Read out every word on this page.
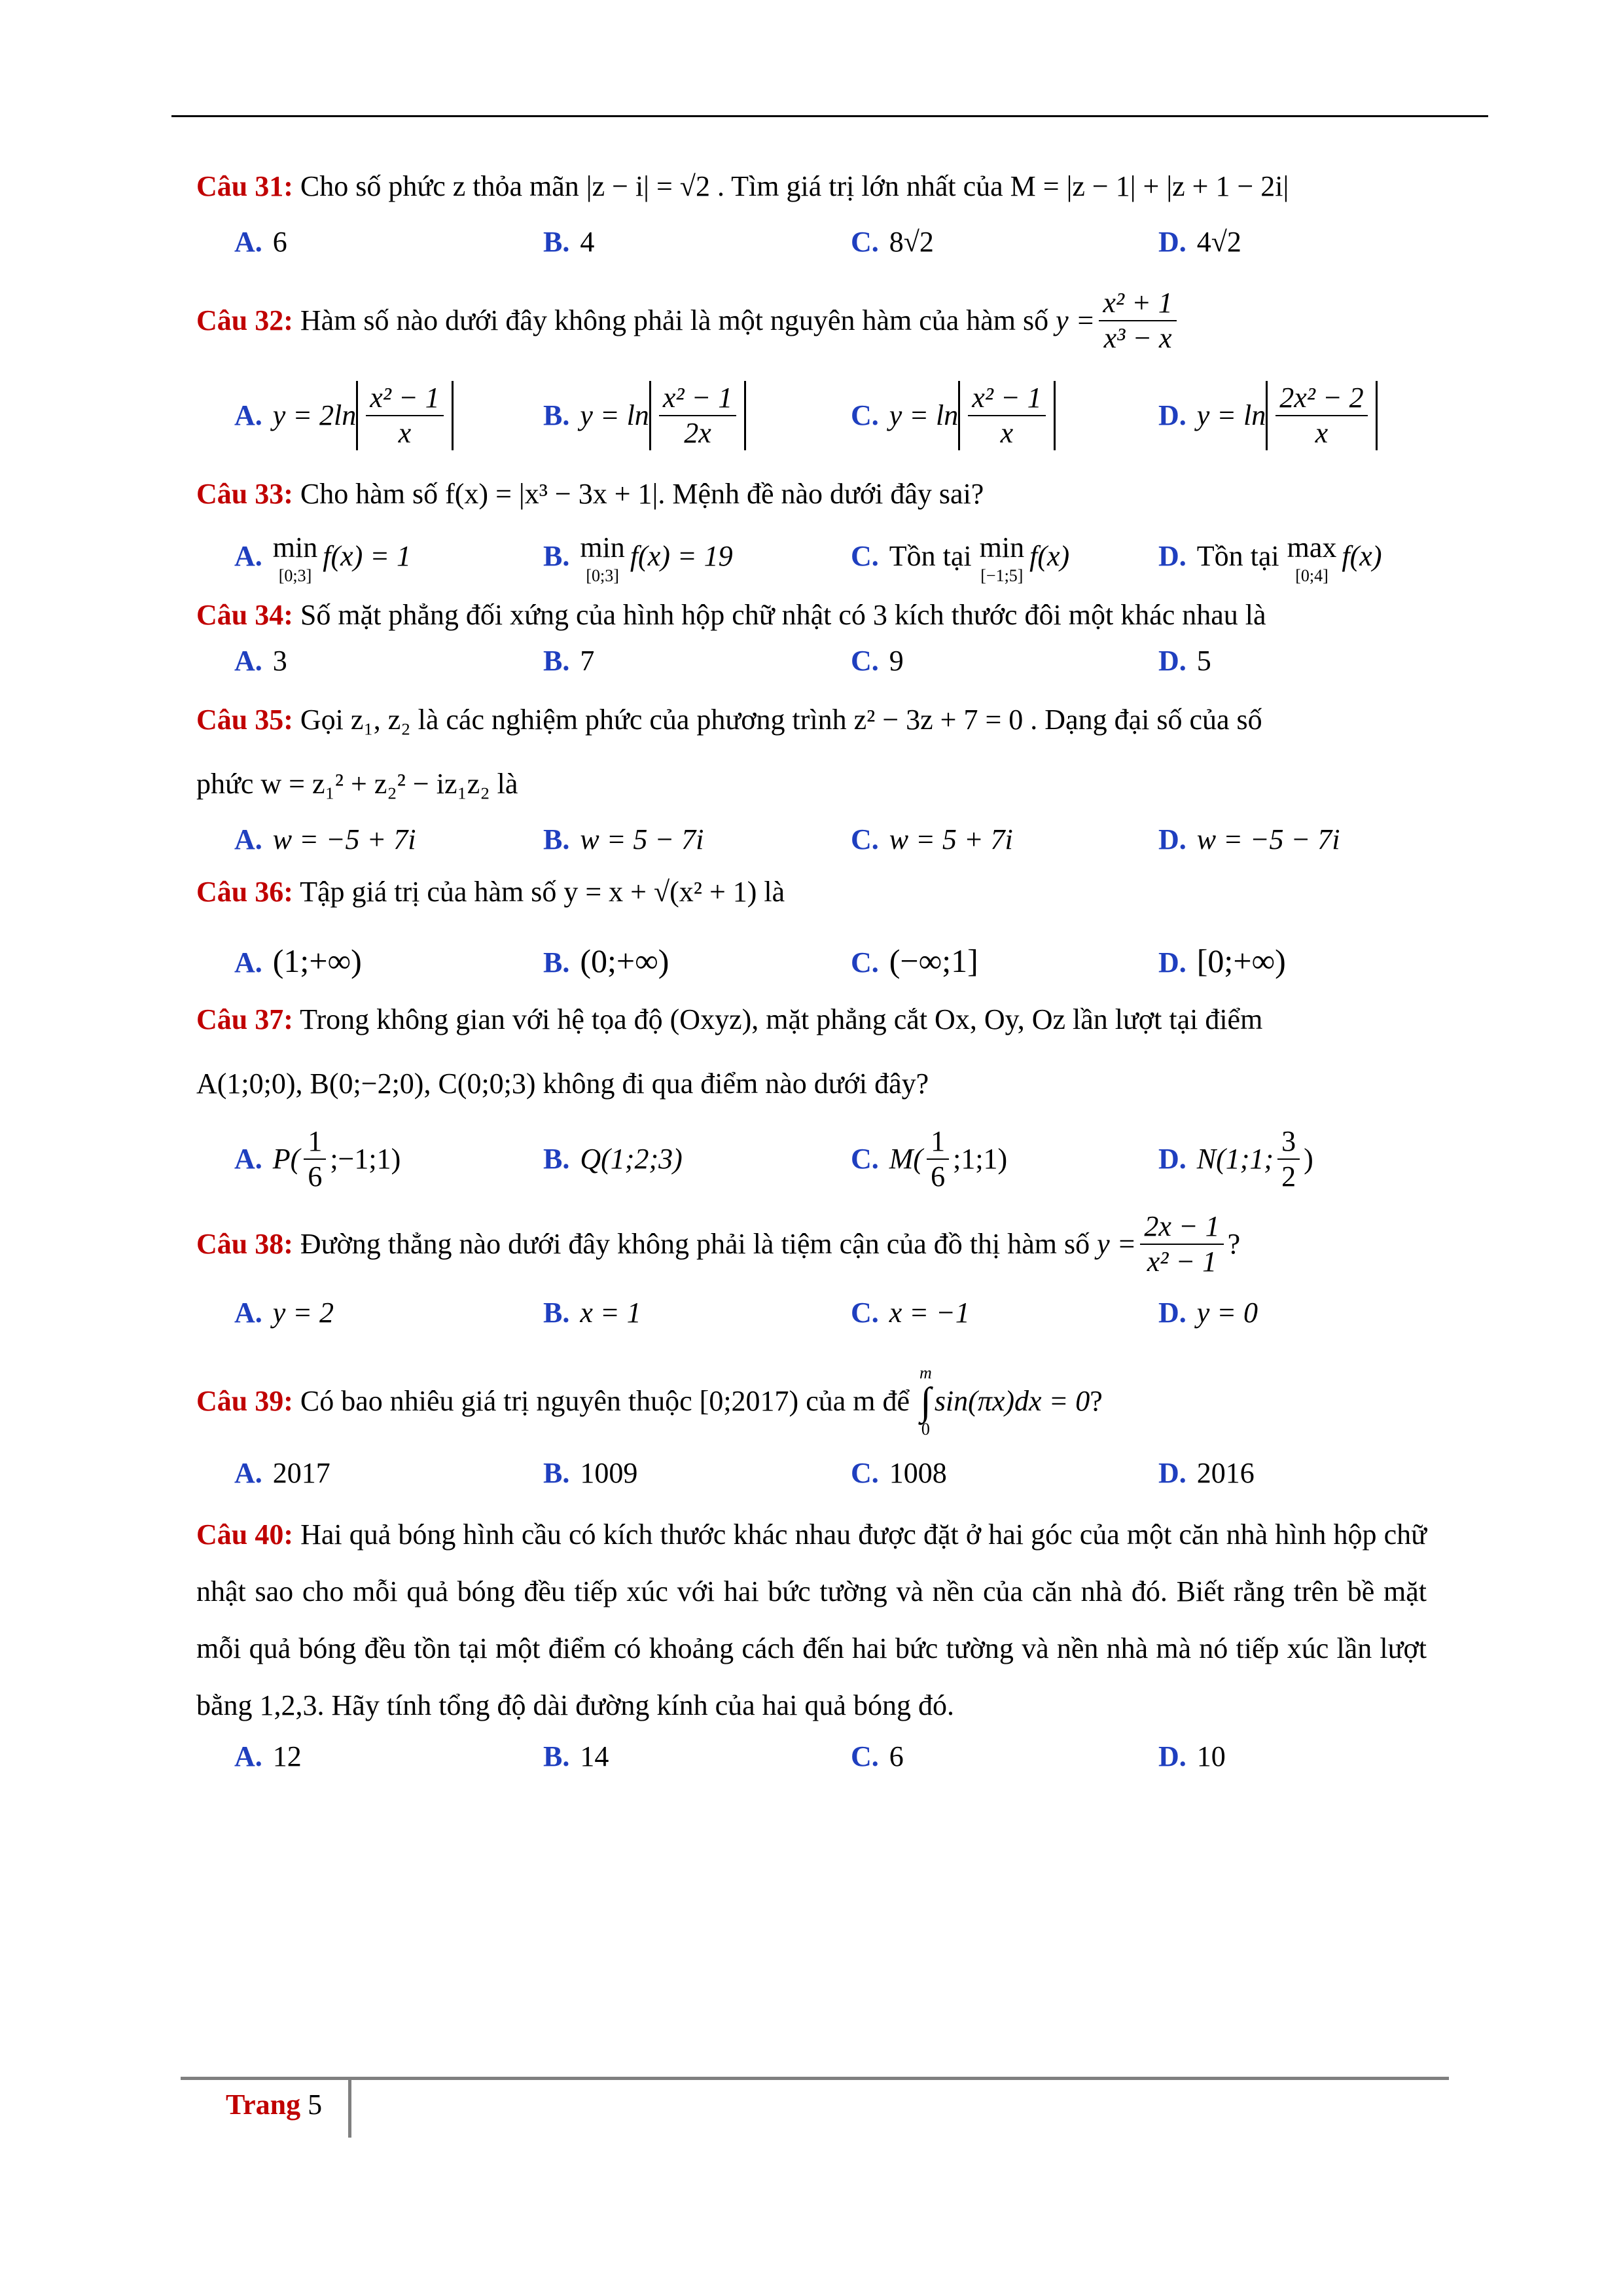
Câu 31: Cho số phức z thỏa mãn |z − i| = √2 . Tìm giá trị lớn nhất của M = |z − 1| + |z + 1 − 2i|
A. 6	B. 4	C. 8√2	D. 4√2
Câu 32:
Hàm số nào dưới đây không phải là một nguyên hàm của hàm số
$y = \frac{\text{x² + 1}}{\text{x³ − x}}$
A. $y = 2\ln \frac{\text{x² − 1}}{x}$	B. $y = \ln \frac{\text{x² − 1}}{2x}$	C. $y = \ln \frac{\text{x² − 1}}{x}$	D. $y = \ln \frac{\text{2x² − 2}}{x}$
Câu 33: Cho hàm số f(x) = |x³ − 3x + 1|. Mệnh đề nào dưới đây sai?
A. min
[0;3]
f(x) = 1	B. min
[0;3]
f(x) = 19	C. Tồn tại min
[−1;5]
f(x)	D. Tồn tại max
[0;4]
f(x)
Câu 34: Số mặt phẳng đối xứng của hình hộp chữ nhật có 3 kích thước đôi một khác nhau là
A. 3	B. 7	C. 9	D. 5
Câu 35: Gọi z₁, z₂ là các nghiệm phức của phương trình z² − 3z + 7 = 0 . Dạng đại số của số
phức w = z₁² + z₂² − iz₁z₂ là
A. w = −5 + 7i	B. w = 5 − 7i	C. w = 5 + 7i	D. w = −5 − 7i
Câu 36: Tập giá trị của hàm số y = x + √(x² + 1) là
A. (1;+∞)	B. (0;+∞)	C. (−∞;1]	D. [0;+∞)
Câu 37: Trong không gian với hệ tọa độ (Oxyz), mặt phẳng cắt Ox, Oy, Oz lần lượt tại điểm
A(1;0;0), B(0;−2;0), C(0;0;3) không đi qua điểm nào dưới đây?
A. $P( \frac{1}{6}$ ;−1;1)	B. Q(1;2;3)	C. $M( \frac{1}{6}$ ;1;1)	D. N(1;1; $\frac{3}{2}$ )
Câu 38:
Đường thẳng nào dưới đây không phải là tiệm cận của đồ thị hàm số
$y = \frac{2x - 1}{\text{x² − 1}}$ ?
A. y = 2	B. x = 1	C. x = −1	D. y = 0
Câu 39:
Có bao nhiêu giá trị nguyên thuộc [0;2017) của m để

m
∫
0
sin(πx)dx = 0 ?
A. 2017	B. 1009	C. 1008	D. 2016
Câu 40: Hai quả bóng hình cầu có kích thước khác nhau được đặt ở hai góc của một căn nhà hình hộp chữ nhật sao cho mỗi quả bóng đều tiếp xúc với hai bức tường và nền của căn nhà đó. Biết rằng trên bề mặt mỗi quả bóng đều tồn tại một điểm có khoảng cách đến hai bức tường và nền nhà mà nó tiếp xúc lần lượt bằng 1,2,3. Hãy tính tổng độ dài đường kính của hai quả bóng đó.
A. 12	B. 14	C. 6	D. 10
Trang 5
